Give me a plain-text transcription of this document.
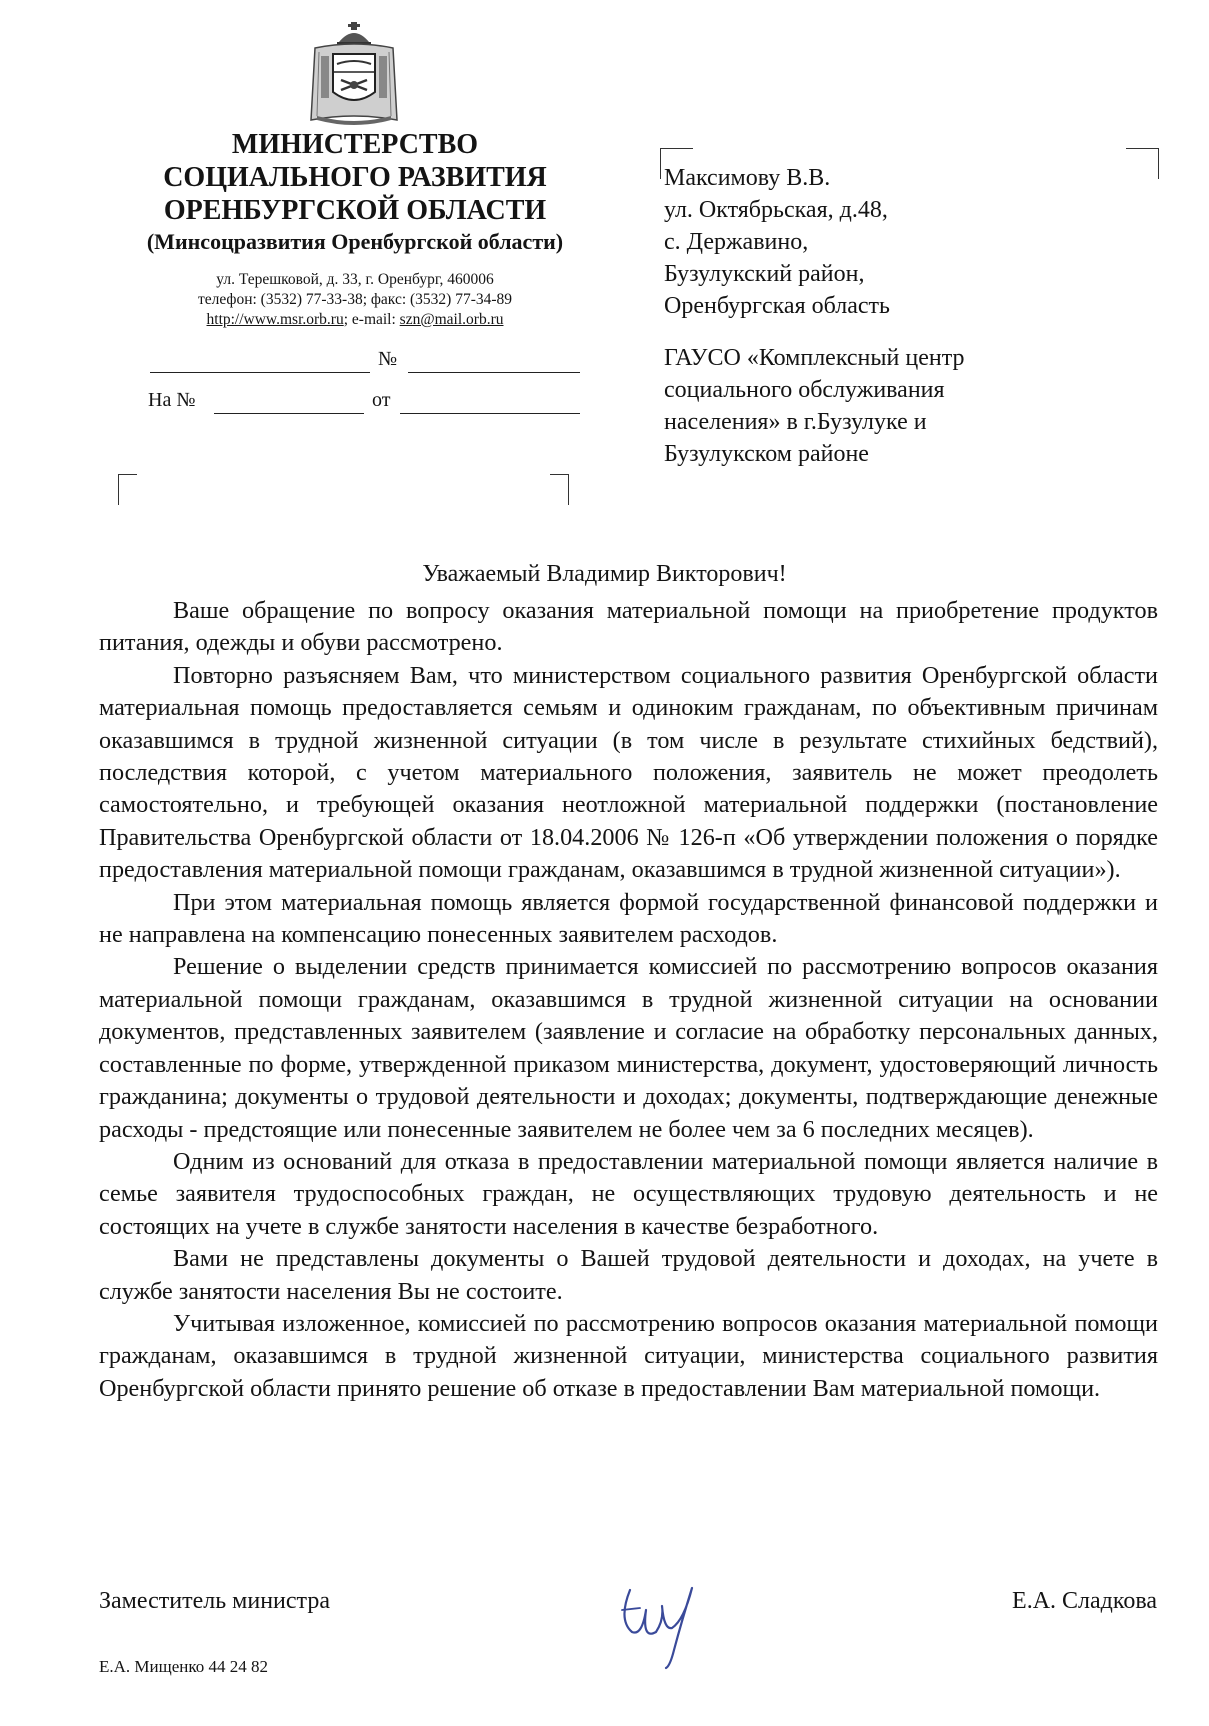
МИНИСТЕРСТВО
СОЦИАЛЬНОГО РАЗВИТИЯ
ОРЕНБУРГСКОЙ ОБЛАСТИ
(Минсоцразвития Оренбургской области)
ул. Терешковой, д. 33, г. Оренбург, 460006
телефон: (3532) 77-33-38; факс: (3532) 77-34-89
http://www.msr.orb.ru; e-mail: szn@mail.orb.ru
№
На №	от
Максимову В.В.
ул. Октябрьская, д.48,
с. Державино,
Бузулукский район,
Оренбургская область
ГАУСО «Комплексный центр
социального обслуживания
населения» в г.Бузулуке и
Бузулукском районе
Уважаемый Владимир Викторович!

Ваше обращение по вопросу оказания материальной помощи на приобретение продуктов питания, одежды и обуви рассмотрено.

Повторно разъясняем Вам, что министерством социального развития Оренбургской области материальная помощь предоставляется семьям и одиноким гражданам, по объективным причинам оказавшимся в трудной жизненной ситуации (в том числе в результате стихийных бедствий), последствия которой, с учетом материального положения, заявитель не может преодолеть самостоятельно, и требующей оказания неотложной материальной поддержки (постановление Правительства Оренбургской области от 18.04.2006 № 126-п «Об утверждении положения о порядке предоставления материальной помощи гражданам, оказавшимся в трудной жизненной ситуации»).

При этом материальная помощь является формой государственной финансовой поддержки и не направлена на компенсацию понесенных заявителем расходов.

Решение о выделении средств принимается комиссией по рассмотрению вопросов оказания материальной помощи гражданам, оказавшимся в трудной жизненной ситуации на основании документов, представленных заявителем (заявление и согласие на обработку персональных данных, составленные по форме, утвержденной приказом министерства, документ, удостоверяющий личность гражданина; документы о трудовой деятельности и доходах; документы, подтверждающие денежные расходы - предстоящие или понесенные заявителем не более чем за 6 последних месяцев).

Одним из оснований для отказа в предоставлении материальной помощи является наличие в семье заявителя трудоспособных граждан, не осуществляющих трудовую деятельность и не состоящих на учете в службе занятости населения в качестве безработного.

Вами не представлены документы о Вашей трудовой деятельности и доходах, на учете в службе занятости населения Вы не состоите.

Учитывая изложенное, комиссией по рассмотрению вопросов оказания материальной помощи гражданам, оказавшимся в трудной жизненной ситуации, министерства социального развития Оренбургской области принято решение об отказе в предоставлении Вам материальной помощи.

Заместитель министра	Е.А. Сладкова
Е.А. Мищенко 44 24 82
